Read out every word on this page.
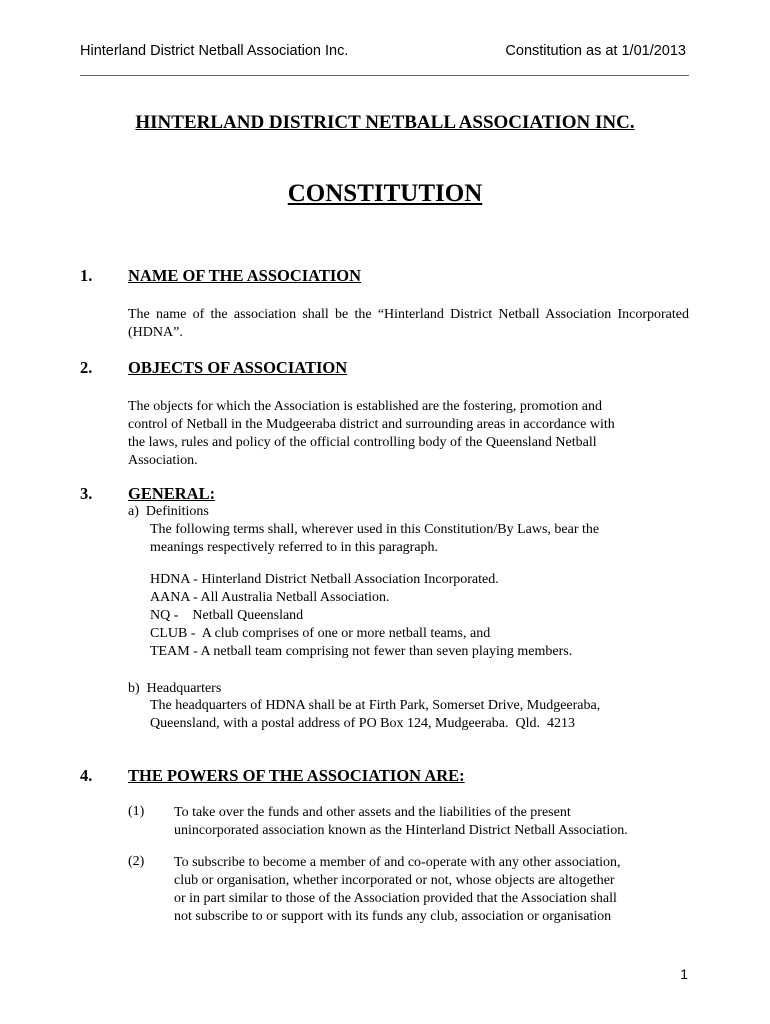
Hinterland District Netball Association Inc.	Constitution as at 1/01/2013
HINTERLAND DISTRICT NETBALL ASSOCIATION INC.
CONSTITUTION
1. NAME OF THE ASSOCIATION
The name of the association shall be the “Hinterland District Netball Association Incorporated (HDNA”.
2. OBJECTS OF ASSOCIATION
The objects for which the Association is established are the fostering, promotion and
control of Netball in the Mudgeeraba district and surrounding areas in accordance with
the laws, rules and policy of the official controlling body of the Queensland Netball
Association.
3. GENERAL:
a)  Definitions
The following terms shall, wherever used in this Constitution/By Laws, bear the
meanings respectively referred to in this paragraph.
HDNA - Hinterland District Netball Association Incorporated.
AANA - All Australia Netball Association.
NQ -    Netball Queensland
CLUB -  A club comprises of one or more netball teams, and
TEAM - A netball team comprising not fewer than seven playing members.
b)  Headquarters
The headquarters of HDNA shall be at Firth Park, Somerset Drive, Mudgeeraba,
Queensland, with a postal address of PO Box 124, Mudgeeraba.  Qld.  4213
4. THE POWERS OF THE ASSOCIATION ARE:
(1) To take over the funds and other assets and the liabilities of the present
unincorporated association known as the Hinterland District Netball Association.
(2) To subscribe to become a member of and co-operate with any other association,
club or organisation, whether incorporated or not, whose objects are altogether
or in part similar to those of the Association provided that the Association shall
not subscribe to or support with its funds any club, association or organisation
1
